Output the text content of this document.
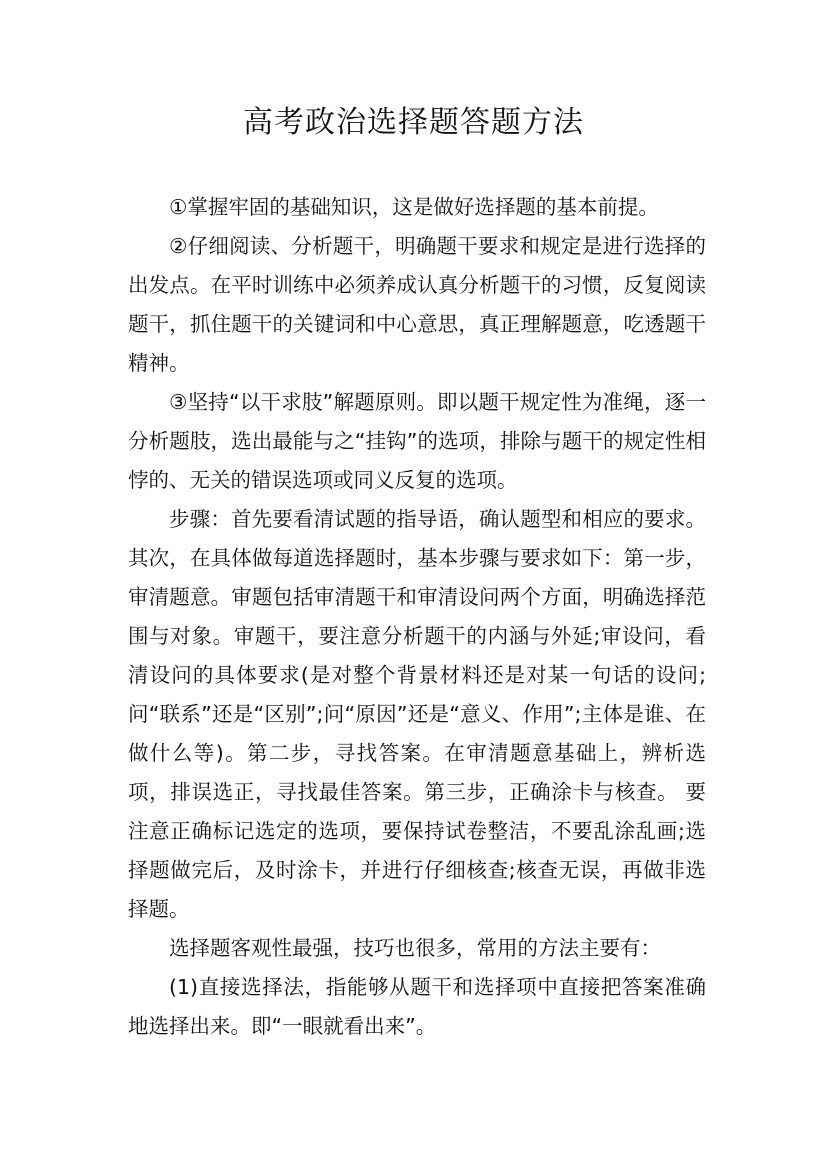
高考政治选择题答题方法

①掌握牢固的基础知识，这是做好选择题的基本前提。

②仔细阅读、分析题干，明确题干要求和规定是进行选择的出发点。在平时训练中必须养成认真分析题干的习惯，反复阅读题干，抓住题干的关键词和中心意思，真正理解题意，吃透题干精神。

③坚持“以干求肢”解题原则。即以题干规定性为准绳，逐一分析题肢，选出最能与之“挂钩”的选项，排除与题干的规定性相悖的、无关的错误选项或同义反复的选项。

步骤：首先要看清试题的指导语，确认题型和相应的要求。其次，在具体做每道选择题时，基本步骤与要求如下：第一步，审清题意。审题包括审清题干和审清设问两个方面，明确选择范围与对象。审题干，要注意分析题干的内涵与外延;审设问，看清设问的具体要求(是对整个背景材料还是对某一句话的设问;问“联系”还是“区别”;问“原因”还是“意义、作用”;主体是谁、在做什么等)。第二步，寻找答案。在审清题意基础上，辨析选项，排误选正，寻找最佳答案。第三步，正确涂卡与核查。 要注意正确标记选定的选项，要保持试卷整洁，不要乱涂乱画;选择题做完后，及时涂卡，并进行仔细核查;核查无误，再做非选择题。

选择题客观性最强，技巧也很多，常用的方法主要有：

(1)直接选择法，指能够从题干和选择项中直接把答案准确地选择出来。即“一眼就看出来”。
